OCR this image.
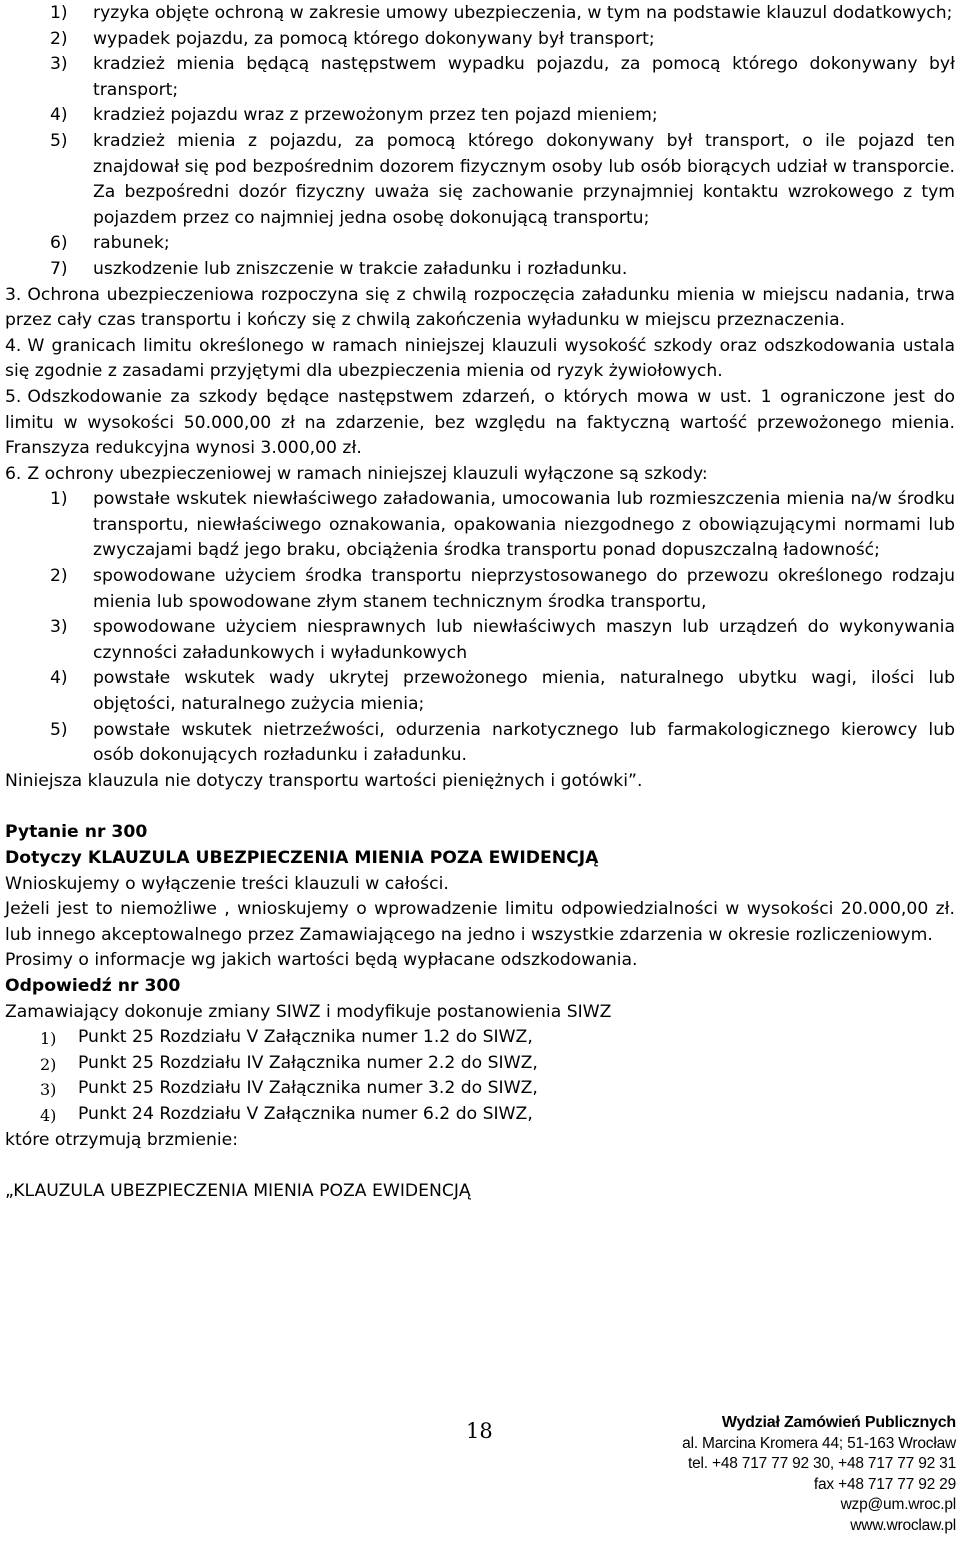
1) ryzyka objęte ochroną w zakresie umowy ubezpieczenia, w tym na podstawie klauzul dodatkowych;
2) wypadek pojazdu, za pomocą którego dokonywany był transport;
3) kradzież mienia będącą następstwem wypadku pojazdu, za pomocą którego dokonywany był transport;
4) kradzież pojazdu wraz z przewożonym przez ten pojazd mieniem;
5) kradzież mienia z pojazdu, za pomocą którego dokonywany był transport, o ile pojazd ten znajdował się pod bezpośrednim dozorem fizycznym osoby lub osób biorących udział w transporcie. Za bezpośredni dozór fizyczny uważa się zachowanie przynajmniej kontaktu wzrokowego z tym pojazdem przez co najmniej jedna osobę dokonującą transportu;
6) rabunek;
7) uszkodzenie lub zniszczenie w trakcie załadunku i rozładunku.
3. Ochrona ubezpieczeniowa rozpoczyna się z chwilą rozpoczęcia załadunku mienia w miejscu nadania, trwa przez cały czas transportu i kończy się z chwilą zakończenia wyładunku w miejscu przeznaczenia.
4. W granicach limitu określonego w ramach niniejszej klauzuli wysokość szkody oraz odszkodowania ustala się zgodnie z zasadami przyjętymi dla ubezpieczenia mienia od ryzyk żywiołowych.
5. Odszkodowanie za szkody będące następstwem zdarzeń, o których mowa w ust. 1 ograniczone jest do limitu w wysokości 50.000,00 zł na zdarzenie, bez względu na faktyczną wartość przewożonego mienia. Franszyza redukcyjna wynosi 3.000,00 zł.
6. Z ochrony ubezpieczeniowej w ramach niniejszej klauzuli wyłączone są szkody:
1) powstałe wskutek niewłaściwego załadowania, umocowania lub rozmieszczenia mienia na/w środku transportu, niewłaściwego oznakowania, opakowania niezgodnego z obowiązującymi normami lub zwyczajami bądź jego braku, obciążenia środka transportu ponad dopuszczalną ładowność;
2) spowodowane użyciem środka transportu nieprzystosowanego do przewozu określonego rodzaju mienia lub spowodowane złym stanem technicznym środka transportu,
3) spowodowane użyciem niesprawnych lub niewłaściwych maszyn lub urządzeń do wykonywania czynności załadunkowych i wyładunkowych
4) powstałe wskutek wady ukrytej przewożonego mienia, naturalnego ubytku wagi, ilości lub objętości, naturalnego zużycia mienia;
5) powstałe wskutek nietrzeźwości, odurzenia narkotycznego lub farmakologicznego kierowcy lub osób dokonujących rozładunku i załadunku.
Niniejsza klauzula nie dotyczy transportu wartości pieniężnych i gotówki”.
Pytanie nr 300
Dotyczy KLAUZULA UBEZPIECZENIA MIENIA POZA EWIDENCJĄ
Wnioskujemy o wyłączenie treści klauzuli w całości.
Jeżeli jest to niemożliwe , wnioskujemy o wprowadzenie limitu odpowiedzialności w wysokości 20.000,00 zł. lub innego akceptowalnego przez Zamawiającego na jedno i wszystkie zdarzenia w okresie rozliczeniowym.
Prosimy o informacje wg jakich wartości będą wypłacane odszkodowania.
Odpowiedź nr 300
Zamawiający dokonuje zmiany SIWZ i modyfikuje postanowienia SIWZ
1) Punkt 25 Rozdziału V Załącznika numer 1.2 do SIWZ,
2) Punkt 25 Rozdziału IV Załącznika numer 2.2 do SIWZ,
3) Punkt 25 Rozdziału IV Załącznika numer 3.2 do SIWZ,
4) Punkt 24 Rozdziału V Załącznika numer 6.2 do SIWZ,
które otrzymują brzmienie:
„KLAUZULA UBEZPIECZENIA MIENIA POZA EWIDENCJĄ
18	Wydział Zamówień Publicznych
al. Marcina Kromera 44; 51-163 Wrocław
tel. +48 717 77 92 30, +48 717 77 92 31
fax +48 717 77 92 29
wzp@um.wroc.pl
www.wroclaw.pl
